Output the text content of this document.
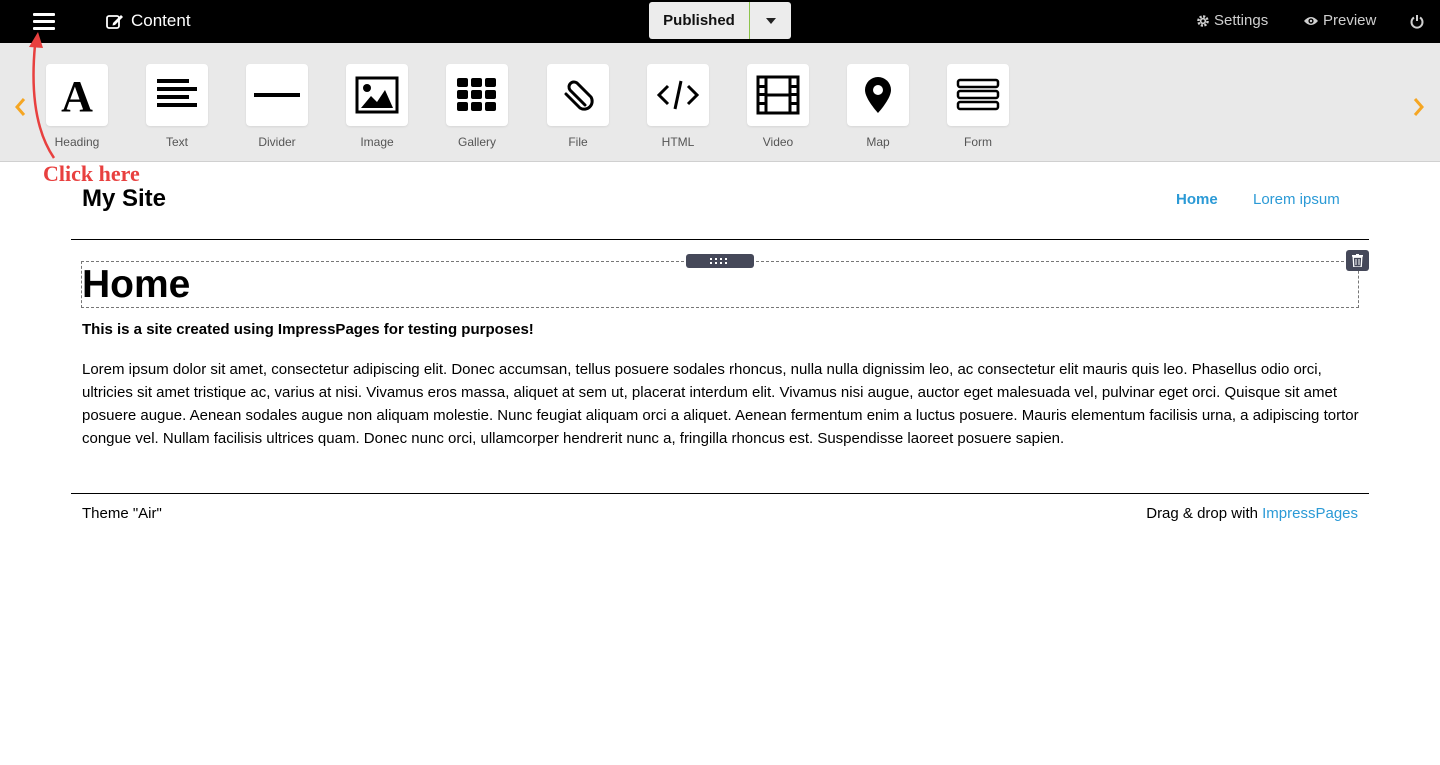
Content	Published	Settings	Preview
A
Heading	Text	Divider	Image	Gallery	File	HTML	Video	Map	Form
Click here
My Site	Home Lorem ipsum
Home
This is a site created using ImpressPages for testing purposes!
Lorem ipsum dolor sit amet, consectetur adipiscing elit. Donec accumsan, tellus posuere sodales rhoncus, nulla nulla dignissim leo, ac consectetur elit mauris quis leo. Phasellus odio orci, ultricies sit amet tristique ac, varius at nisi. Vivamus eros massa, aliquet at sem ut, placerat interdum elit. Vivamus nisi augue, auctor eget malesuada vel, pulvinar eget orci. Quisque sit amet posuere augue. Aenean sodales augue non aliquam molestie. Nunc feugiat aliquam orci a aliquet. Aenean fermentum enim a luctus posuere. Mauris elementum facilisis urna, a adipiscing tortor congue vel. Nullam facilisis ultrices quam. Donec nunc orci, ullamcorper hendrerit nunc a, fringilla rhoncus est. Suspendisse laoreet posuere sapien.
Theme "Air"	Drag & drop with ImpressPages
